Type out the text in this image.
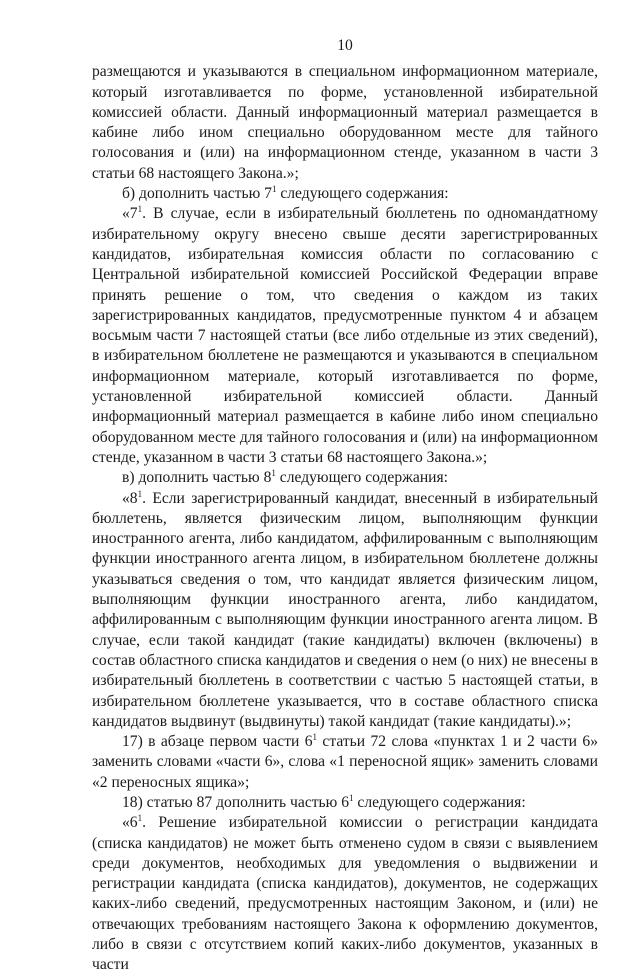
10

размещаются и указываются в специальном информационном материале, который изготавливается по форме, установленной избирательной комиссией области. Данный информационный материал размещается в кабине либо ином специально оборудованном месте для тайного голосования и (или) на информационном стенде, указанном в части 3 статьи 68 настоящего Закона.»;

б) дополнить частью $7^1$ следующего содержания:

«$7^1$. В случае, если в избирательный бюллетень по одномандатному избирательному округу внесено свыше десяти зарегистрированных кандидатов, избирательная комиссия области по согласованию с Центральной избирательной комиссией Российской Федерации вправе принять решение о том, что сведения о каждом из таких зарегистрированных кандидатов, предусмотренные пунктом 4 и абзацем восьмым части 7 настоящей статьи (все либо отдельные из этих сведений), в избирательном бюллетене не размещаются и указываются в специальном информационном материале, который изготавливается по форме, установленной избирательной комиссией области. Данный информационный материал размещается в кабине либо ином специально оборудованном месте для тайного голосования и (или) на информационном стенде, указанном в части 3 статьи 68 настоящего Закона.»;

в) дополнить частью $8^1$ следующего содержания:

«$8^1$. Если зарегистрированный кандидат, внесенный в избирательный бюллетень, является физическим лицом, выполняющим функции иностранного агента, либо кандидатом, аффилированным с выполняющим функции иностранного агента лицом, в избирательном бюллетене должны указываться сведения о том, что кандидат является физическим лицом, выполняющим функции иностранного агента, либо кандидатом, аффилированным с выполняющим функции иностранного агента лицом. В случае, если такой кандидат (такие кандидаты) включен (включены) в состав областного списка кандидатов и сведения о нем (о них) не внесены в избирательный бюллетень в соответствии с частью 5 настоящей статьи, в избирательном бюллетене указывается, что в составе областного списка кандидатов выдвинут (выдвинуты) такой кандидат (такие кандидаты).»;

17) в абзаце первом части $6^1$ статьи 72 слова «пунктах 1 и 2 части 6» заменить словами «части 6», слова «1 переносной ящик» заменить словами «2 переносных ящика»;

18) статью 87 дополнить частью $6^1$ следующего содержания:

«$6^1$. Решение избирательной комиссии о регистрации кандидата (списка кандидатов) не может быть отменено судом в связи с выявлением среди документов, необходимых для уведомления о выдвижении и регистрации кандидата (списка кандидатов), документов, не содержащих каких-либо сведений, предусмотренных настоящим Законом, и (или) не отвечающих требованиям настоящего Закона к оформлению документов, либо в связи с отсутствием копий каких-либо документов, указанных в части
